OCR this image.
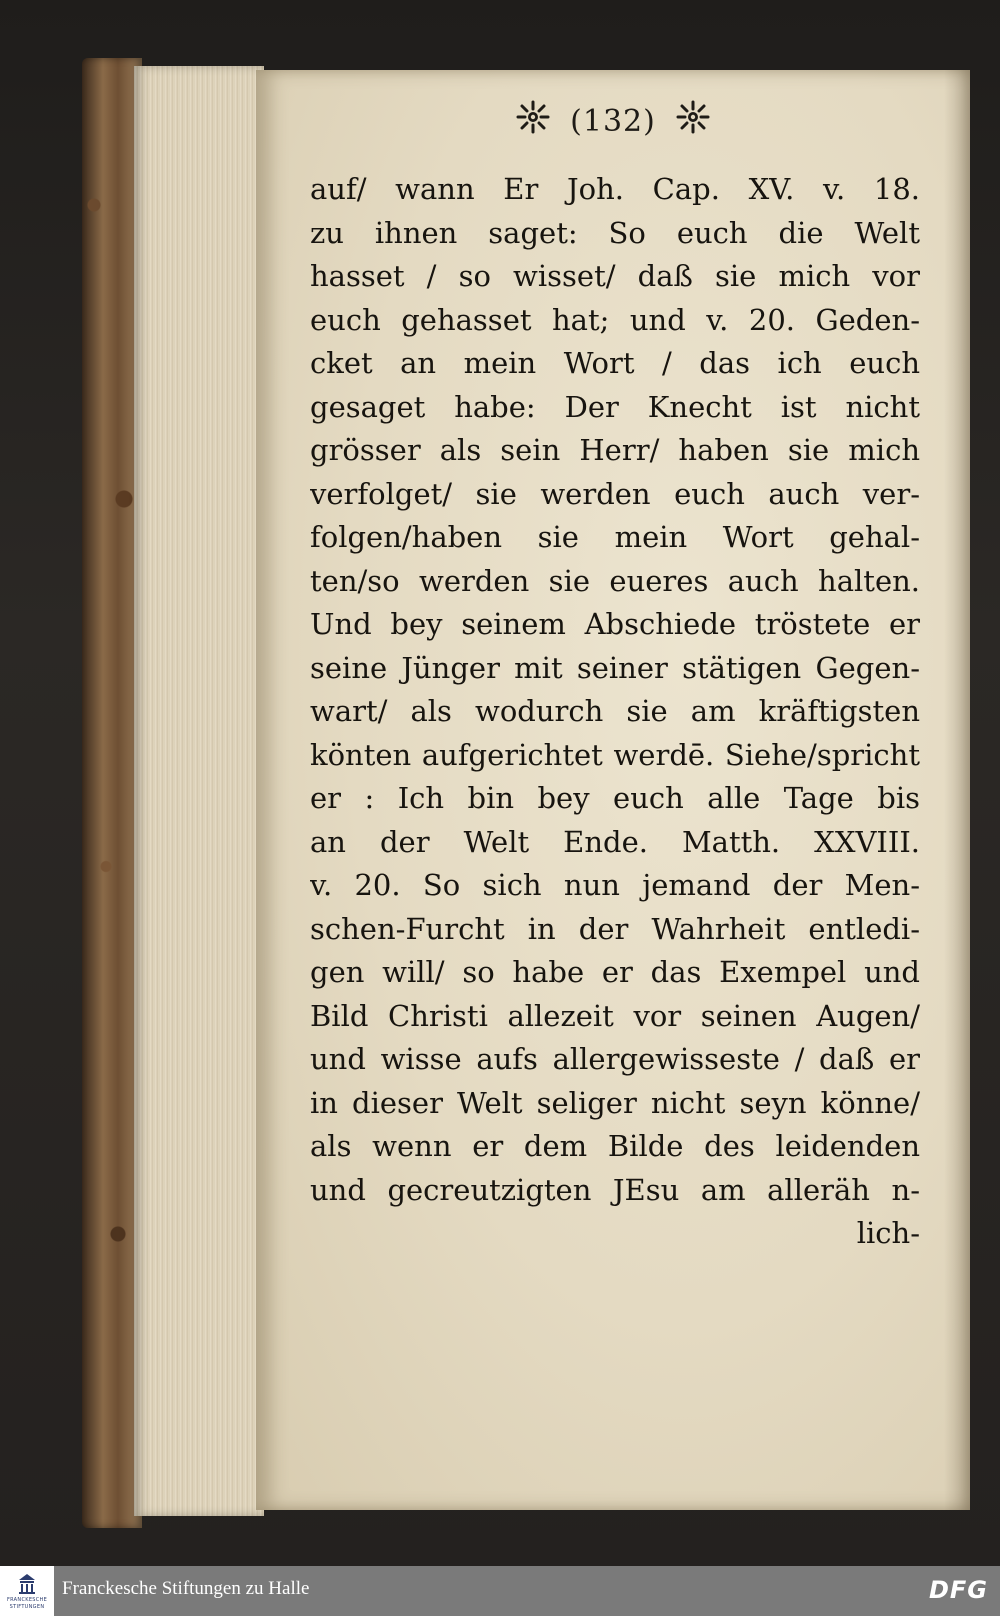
(132)
auf/ wann Er Joh. Cap. XV. v. 18.
zu ihnen saget: So euch die Welt
hasset / so wisset/ daß sie mich vor
euch gehasset hat; und v. 20. Geden-
cket an mein Wort / das ich euch
gesaget habe: Der Knecht ist nicht
grösser als sein Herr/ haben sie mich
verfolget/ sie werden euch auch ver-
folgen/haben sie mein Wort gehal-
ten/so werden sie eueres auch halten.
Und bey seinem Abschiede tröstete er
seine Jünger mit seiner stätigen Gegen-
wart/ als wodurch sie am kräftigsten
könten aufgerichtet werdē. Siehe/spricht
er : Ich bin bey euch alle Tage bis
an der Welt Ende. Matth. XXVIII.
v. 20. So sich nun jemand der Men-
schen-Furcht in der Wahrheit entledi-
gen will/ so habe er das Exempel und
Bild Christi allezeit vor seinen Augen/
und wisse aufs allergewisseste / daß er
in dieser Welt seliger nicht seyn könne/
als wenn er dem Bilde des leidenden
und gecreutzigten JEsu am alleräh n-
lich-
FRANCKESCHE
STIFTUNGEN
Franckesche Stiftungen zu Halle	DFG
